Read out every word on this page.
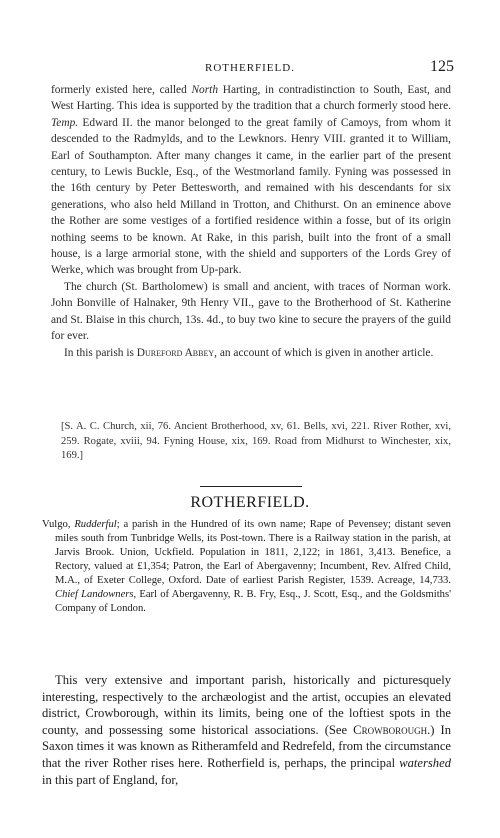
ROTHERFIELD.	125

formerly existed here, called North Harting, in contradistinction to South, East, and West Harting. This idea is supported by the tradition that a church formerly stood here. Temp. Edward II. the manor belonged to the great family of Camoys, from whom it descended to the Radmylds, and to the Lewknors. Henry VIII. granted it to William, Earl of Southampton. After many changes it came, in the earlier part of the present century, to Lewis Buckle, Esq., of the Westmorland family. Fyning was possessed in the 16th century by Peter Bettesworth, and remained with his descendants for six generations, who also held Milland in Trotton, and Chithurst. On an eminence above the Rother are some vestiges of a fortified residence within a fosse, but of its origin nothing seems to be known. At Rake, in this parish, built into the front of a small house, is a large armorial stone, with the shield and supporters of the Lords Grey of Werke, which was brought from Up-park.

The church (St. Bartholomew) is small and ancient, with traces of Norman work. John Bonville of Halnaker, 9th Henry VII., gave to the Brotherhood of St. Katherine and St. Blaise in this church, 13s. 4d., to buy two kine to secure the prayers of the guild for ever.

In this parish is Dureford Abbey, an account of which is given in another article.

[S. A. C. Church, xii, 76. Ancient Brotherhood, xv, 61. Bells, xvi, 221. River Rother, xvi, 259. Rogate, xviii, 94. Fyning House, xix, 169. Road from Midhurst to Winchester, xix, 169.]
ROTHERFIELD.

Vulgo, Rudderful; a parish in the Hundred of its own name; Rape of Pevensey; distant seven miles south from Tunbridge Wells, its Post-town. There is a Railway station in the parish, at Jarvis Brook. Union, Uckfield. Population in 1811, 2,122; in 1861, 3,413. Benefice, a Rectory, valued at £1,354; Patron, the Earl of Abergavenny; Incumbent, Rev. Alfred Child, M.A., of Exeter College, Oxford. Date of earliest Parish Register, 1539. Acreage, 14,733. Chief Landowners, Earl of Abergavenny, R. B. Fry, Esq., J. Scott, Esq., and the Goldsmiths' Company of London.

This very extensive and important parish, historically and picturesquely interesting, respectively to the archæologist and the artist, occupies an elevated district, Crowborough, within its limits, being one of the loftiest spots in the county, and possessing some historical associations. (See Crowborough.) In Saxon times it was known as Ritheramfeld and Redrefeld, from the circumstance that the river Rother rises here. Rotherfield is, perhaps, the principal watershed in this part of England, for,
